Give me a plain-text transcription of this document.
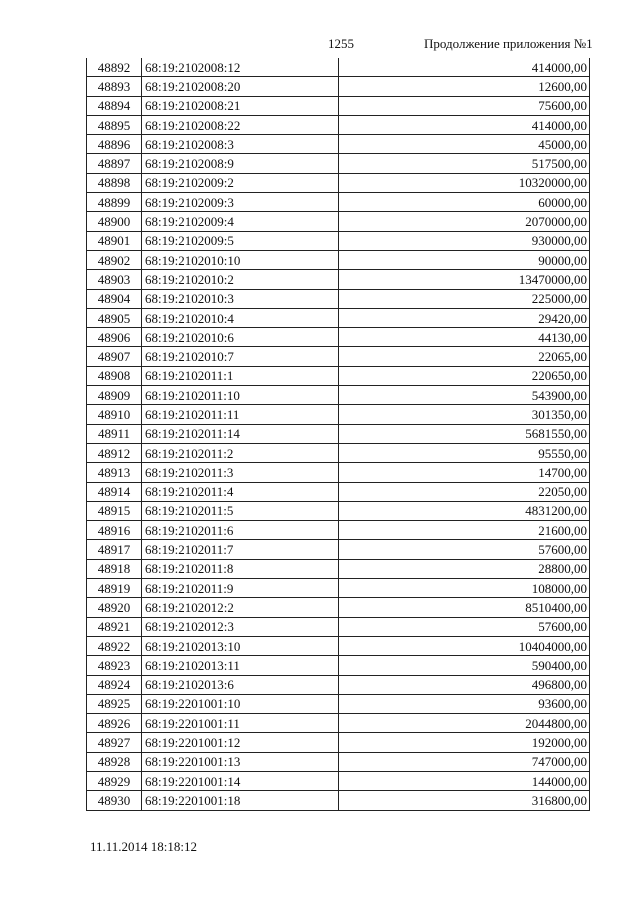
1255	Продолжение приложения №1
48892	68:19:2102008:12	414000,00
48893	68:19:2102008:20	12600,00
48894	68:19:2102008:21	75600,00
48895	68:19:2102008:22	414000,00
48896	68:19:2102008:3	45000,00
48897	68:19:2102008:9	517500,00
48898	68:19:2102009:2	10320000,00
48899	68:19:2102009:3	60000,00
48900	68:19:2102009:4	2070000,00
48901	68:19:2102009:5	930000,00
48902	68:19:2102010:10	90000,00
48903	68:19:2102010:2	13470000,00
48904	68:19:2102010:3	225000,00
48905	68:19:2102010:4	29420,00
48906	68:19:2102010:6	44130,00
48907	68:19:2102010:7	22065,00
48908	68:19:2102011:1	220650,00
48909	68:19:2102011:10	543900,00
48910	68:19:2102011:11	301350,00
48911	68:19:2102011:14	5681550,00
48912	68:19:2102011:2	95550,00
48913	68:19:2102011:3	14700,00
48914	68:19:2102011:4	22050,00
48915	68:19:2102011:5	4831200,00
48916	68:19:2102011:6	21600,00
48917	68:19:2102011:7	57600,00
48918	68:19:2102011:8	28800,00
48919	68:19:2102011:9	108000,00
48920	68:19:2102012:2	8510400,00
48921	68:19:2102012:3	57600,00
48922	68:19:2102013:10	10404000,00
48923	68:19:2102013:11	590400,00
48924	68:19:2102013:6	496800,00
48925	68:19:2201001:10	93600,00
48926	68:19:2201001:11	2044800,00
48927	68:19:2201001:12	192000,00
48928	68:19:2201001:13	747000,00
48929	68:19:2201001:14	144000,00
48930	68:19:2201001:18	316800,00
11.11.2014 18:18:12
